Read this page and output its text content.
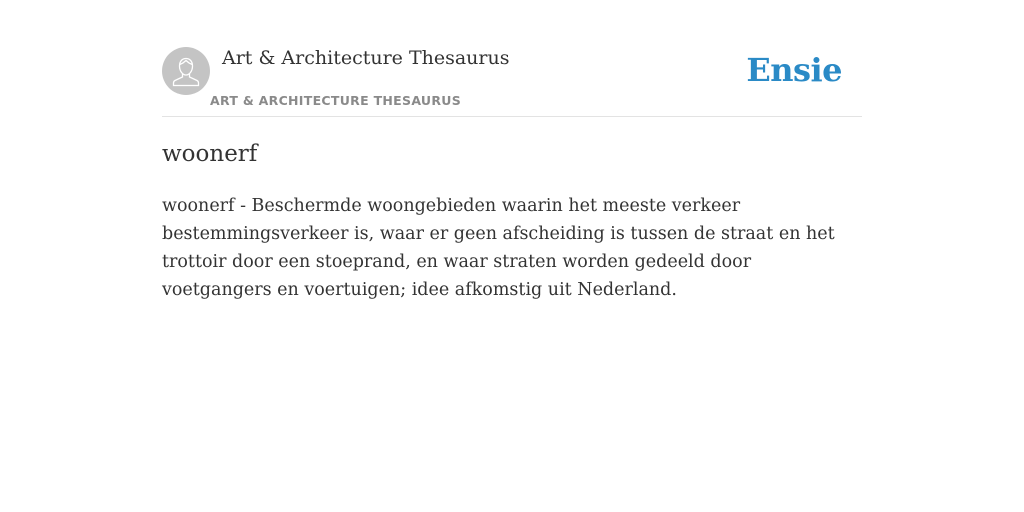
Art & Architecture Thesaurus
ART & ARCHITECTURE THESAURUS
Ensie
woonerf

woonerf - Beschermde woongebieden waarin het meeste verkeer bestemmingsverkeer is, waar er geen afscheiding is tussen de straat en het trottoir door een stoeprand, en waar straten worden gedeeld door voetgangers en voertuigen; idee afkomstig uit Nederland.
